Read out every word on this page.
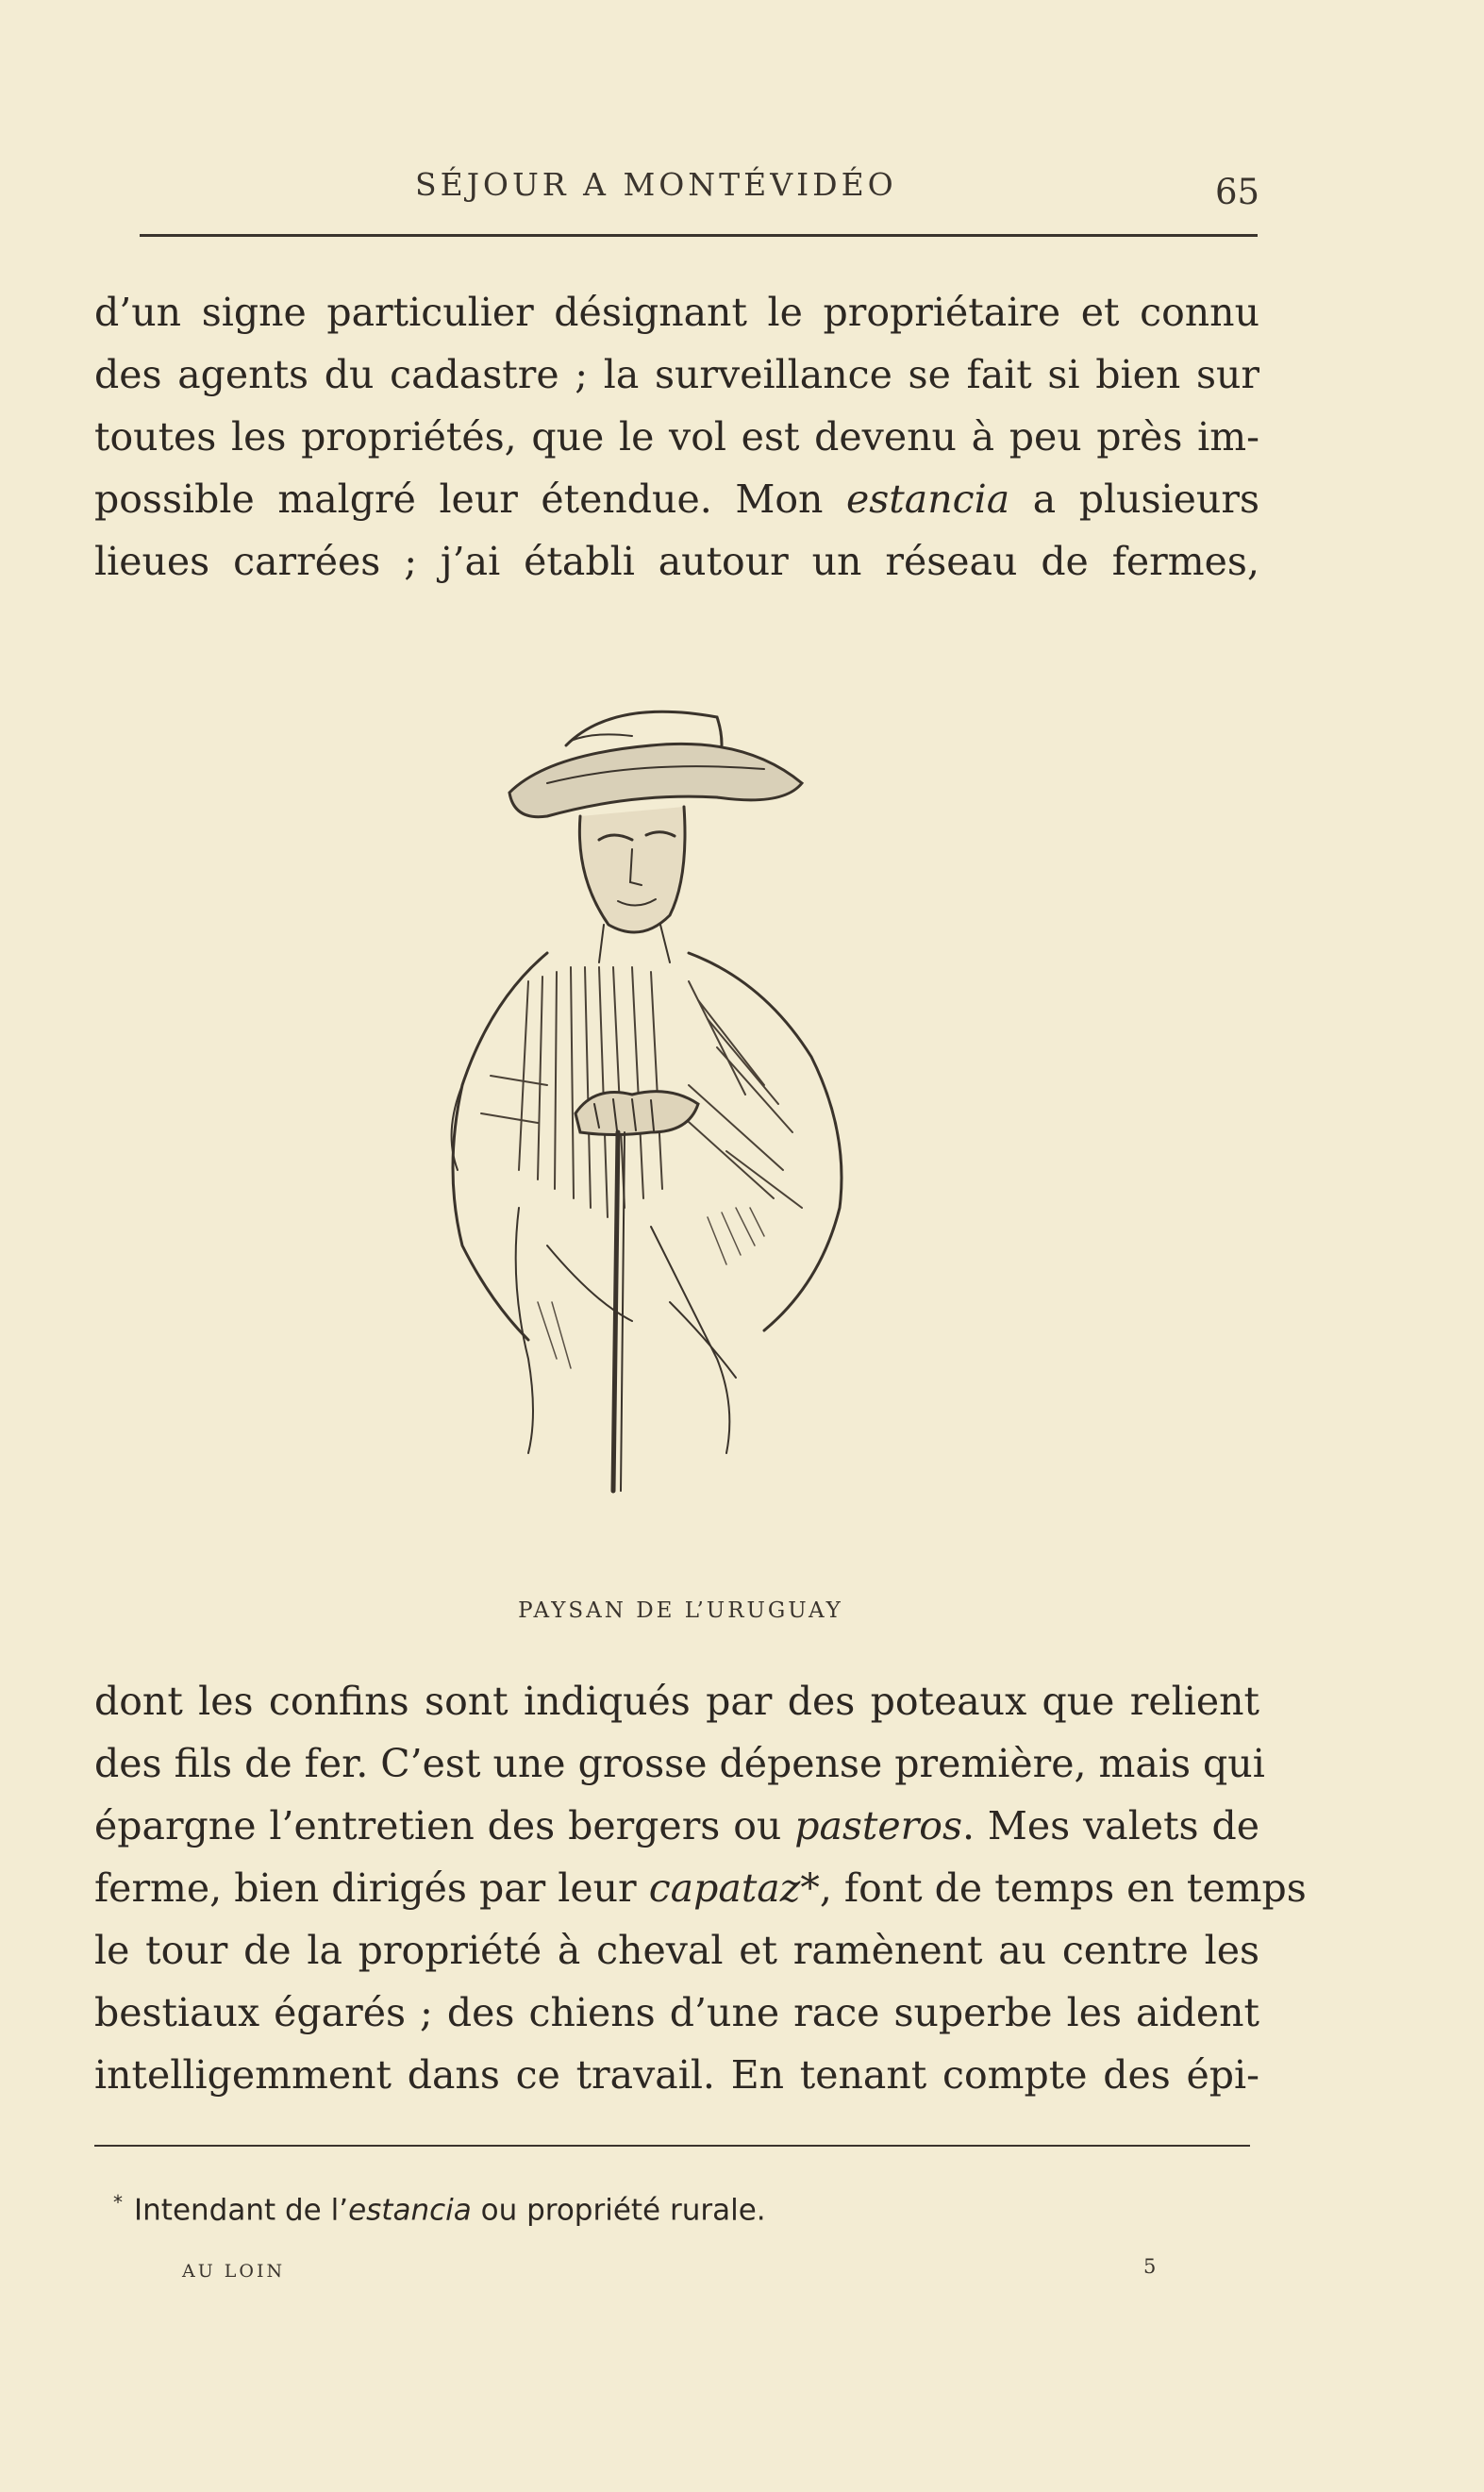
SÉJOUR A MONTÉVIDÉO	65

d’un signe particulier désignant le propriétaire et connu
des agents du cadastre ; la surveillance se fait si bien sur
toutes les propriétés, que le vol est devenu à peu près im-
possible malgré leur étendue. Mon estancia a plusieurs
lieues carrées ; j’ai établi autour un réseau de fermes,

PAYSAN DE L’URUGUAY

dont les confins sont indiqués par des poteaux que relient
des fils de fer. C’est une grosse dépense première, mais qui
épargne l’entretien des bergers ou pasteros. Mes valets de
ferme, bien dirigés par leur capataz*, font de temps en temps
le tour de la propriété à cheval et ramènent au centre les
bestiaux égarés ; des chiens d’une race superbe les aident
intelligemment dans ce travail. En tenant compte des épi-

* Intendant de l’estancia ou propriété rurale.
AU LOIN	5
